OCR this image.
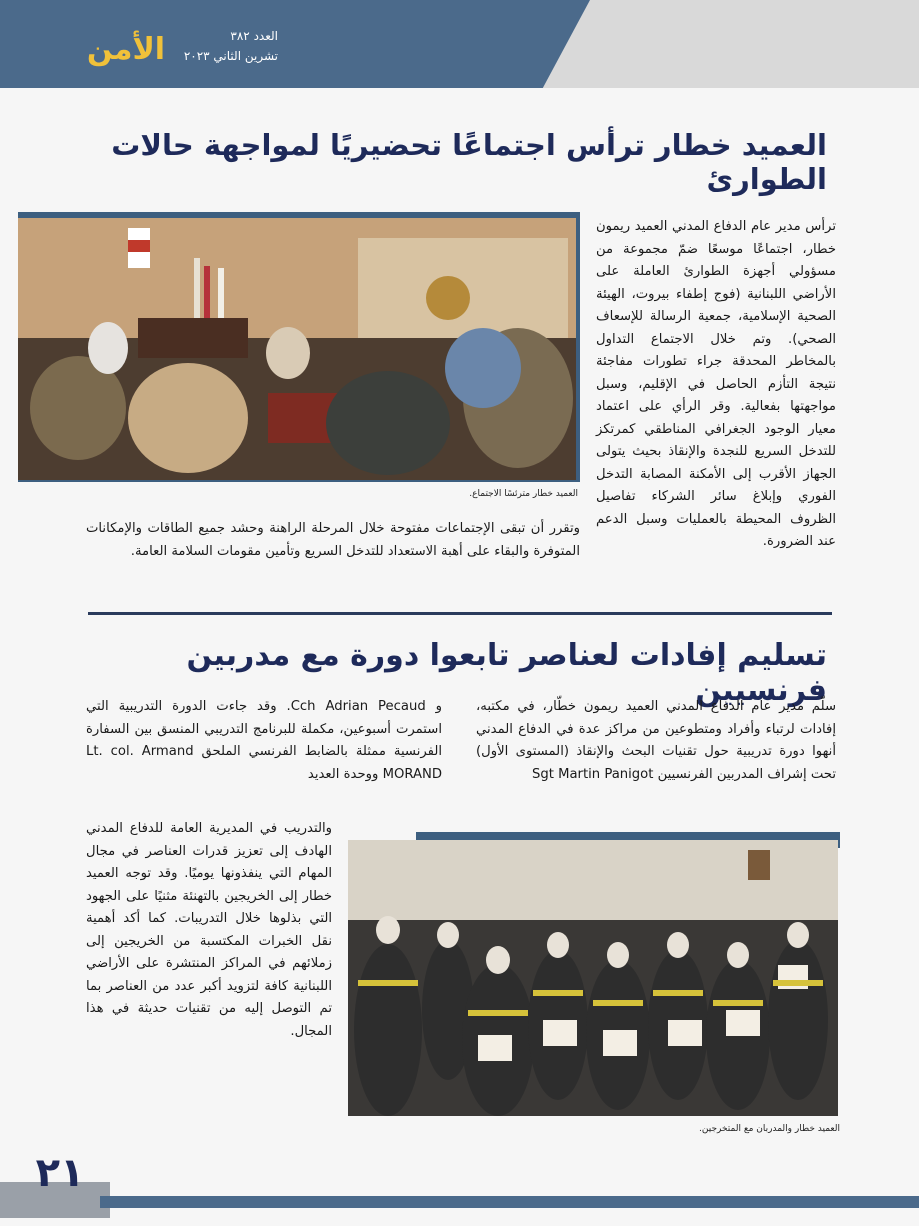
الأمن	العدد ٣٨٢
تشرين الثاني ٢٠٢٣
العميد خطار ترأس اجتماعًا تحضيريًا لمواجهة حالات الطوارئ
العميد خطار مترئسًا الاجتماع.
ترأس مدير عام الدفاع المدني العميد ريمون خطار، اجتماعًا موسعًا ضمّ مجموعة من مسؤولي أجهزة الطوارئ العاملة على الأراضي اللبنانية (فوج إطفاء بيروت، الهيئة الصحية الإسلامية، جمعية الرسالة للإسعاف الصحي). وتم خلال الاجتماع التداول بالمخاطر المحدقة جراء تطورات مفاجئة نتيجة التأزم الحاصل في الإقليم، وسبل مواجهتها بفعالية. وقر الرأي على اعتماد معيار الوجود الجغرافي المناطقي كمرتكز للتدخل السريع للنجدة والإنقاذ بحيث يتولى الجهاز الأقرب إلى الأمكنة المصابة التدخل الفوري وإبلاغ سائر الشركاء تفاصيل الظروف المحيطة بالعمليات وسبل الدعم عند الضرورة.
وتقرر أن تبقى الإجتماعات مفتوحة خلال المرحلة الراهنة وحشد جميع الطاقات والإمكانات المتوفرة والبقاء على أهبة الاستعداد للتدخل السريع وتأمين مقومات السلامة العامة.
تسليم إفادات لعناصر تابعوا دورة مع مدربين فرنسيين
سلّم مدير عام الدفاع المدني العميد ريمون خطّار، في مكتبه، إفادات لرتباء وأفراد ومتطوعين من مراكز عدة في الدفاع المدني أنهوا دورة تدريبية حول تقنيات البحث والإنقاذ (المستوى الأول) تحت إشراف المدربين الفرنسيين Sgt Martin Panigot
و Cch Adrian Pecaud. وقد جاءت الدورة التدريبية التي استمرت أسبوعين، مكملة للبرنامج التدريبي المنسق بين السفارة الفرنسية ممثلة بالضابط الفرنسي الملحق Lt. col. Armand MORAND ووحدة العديد
والتدريب في المديرية العامة للدفاع المدني الهادف إلى تعزيز قدرات العناصر في مجال المهام التي ينفذونها يوميًا. وقد توجه العميد خطار إلى الخريجين بالتهنئة مثنيًا على الجهود التي بذلوها خلال التدريبات. كما أكد أهمية نقل الخبرات المكتسبة من الخريجين إلى زملائهم في المراكز المنتشرة على الأراضي اللبنانية كافة لتزويد أكبر عدد من العناصر بما تم التوصل إليه من تقنيات حديثة في هذا المجال.
العميد خطار والمدربان مع المتخرجين.
٢١
